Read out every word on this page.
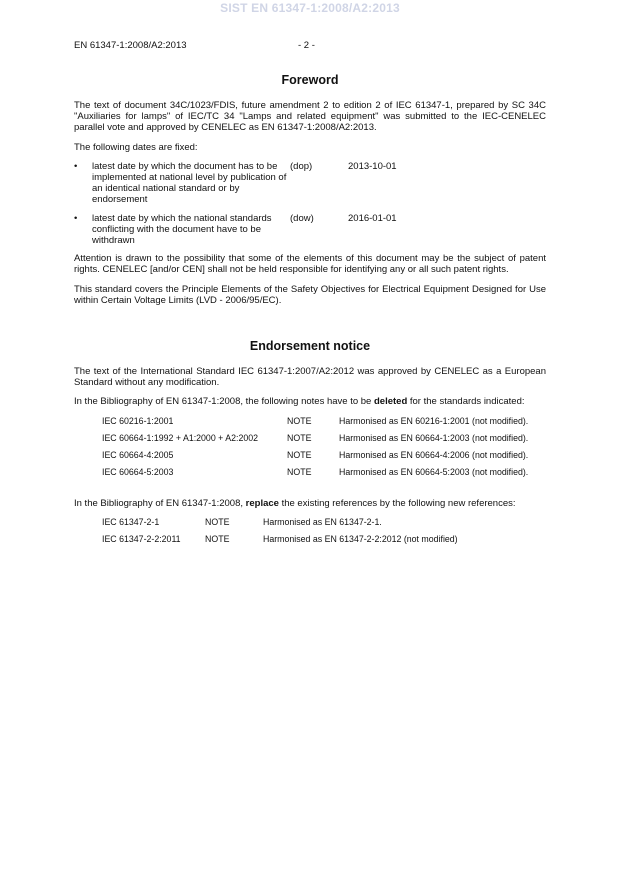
SIST EN 61347-1:2008/A2:2013
EN 61347-1:2008/A2:2013	- 2 -
Foreword

The text of document 34C/1023/FDIS, future amendment 2 to edition 2 of IEC 61347-1, prepared by SC 34C "Auxiliaries for lamps" of IEC/TC 34 "Lamps and related equipment" was submitted to the IEC-CENELEC parallel vote and approved by CENELEC as EN 61347-1:2008/A2:2013.

The following dates are fixed:

•	latest date by which the document has to be implemented at national level by publication of an identical national standard or by endorsement
(dop)	2013-10-01
•	latest date by which the national standards conflicting with the document have to be withdrawn
(dow)	2016-01-01

Attention is drawn to the possibility that some of the elements of this document may be the subject of patent rights. CENELEC [and/or CEN] shall not be held responsible for identifying any or all such patent rights.

This standard covers the Principle Elements of the Safety Objectives for Electrical Equipment Designed for Use within Certain Voltage Limits (LVD - 2006/95/EC).

Endorsement notice

The text of the International Standard IEC 61347-1:2007/A2:2012 was approved by CENELEC as a European Standard without any modification.

In the Bibliography of EN 61347-1:2008, the following notes have to be deleted for the standards indicated:

IEC 60216-1:2001	NOTE	Harmonised as EN 60216-1:2001 (not modified).
IEC 60664-1:1992 + A1:2000 + A2:2002	NOTE	Harmonised as EN 60664-1:2003 (not modified).
IEC 60664-4:2005	NOTE	Harmonised as EN 60664-4:2006 (not modified).
IEC 60664-5:2003	NOTE	Harmonised as EN 60664-5:2003 (not modified).

In the Bibliography of EN 61347-1:2008, replace the existing references by the following new references:

IEC 61347-2-1	NOTE	Harmonised as EN 61347-2-1.
IEC 61347-2-2:2011	NOTE	Harmonised as EN 61347-2-2:2012 (not modified)
